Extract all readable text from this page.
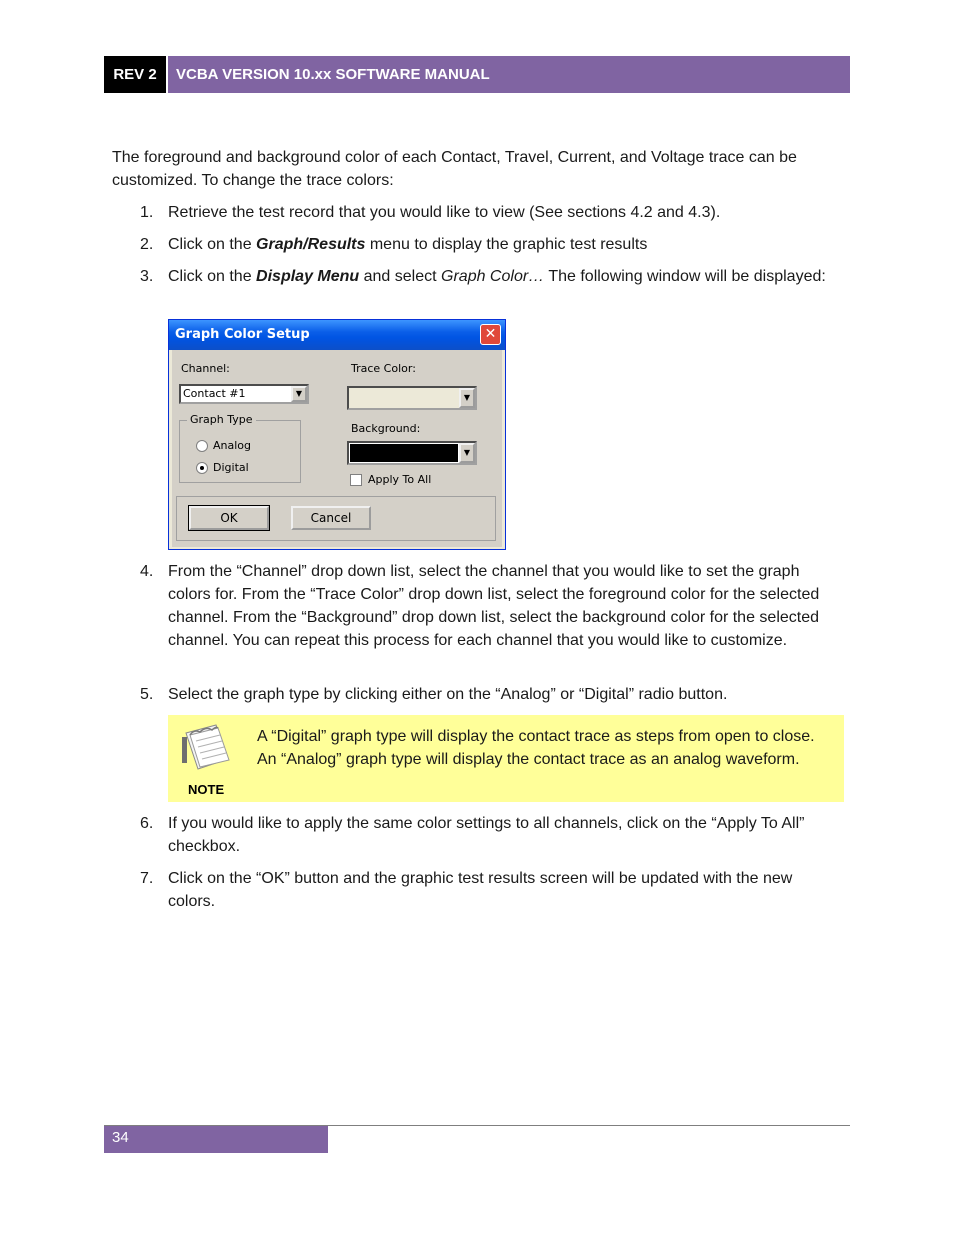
REV 2	VCBA VERSION 10.xx SOFTWARE MANUAL
The foreground and background color of each Contact, Travel, Current, and Voltage trace can be customized. To change the trace colors:
1. Retrieve the test record that you would like to view (See sections 4.2 and 4.3).
2. Click on the Graph/Results menu to display the graphic test results
3. Click on the Display Menu and select Graph Color… The following window will be displayed:
Graph Color Setup	✕
Channel:
Contact #1	▼
Graph Type
Analog
Digital
Trace Color:
▼
Background:
▼
Apply To All
OK	Cancel
4. From the “Channel” drop down list, select the channel that you would like to set the graph colors for. From the “Trace Color” drop down list, select the foreground color for the selected channel. From the “Background” drop down list, select the background color for the selected channel. You can repeat this process for each channel that you would like to customize.
5. Select the graph type by clicking either on the “Analog” or “Digital” radio button.
NOTE
A “Digital” graph type will display the contact trace as steps from open to close. An “Analog” graph type will display the contact trace as an analog waveform.
6. If you would like to apply the same color settings to all channels, click on the “Apply To All” checkbox.
7. Click on the “OK” button and the graphic test results screen will be updated with the new colors.
34
